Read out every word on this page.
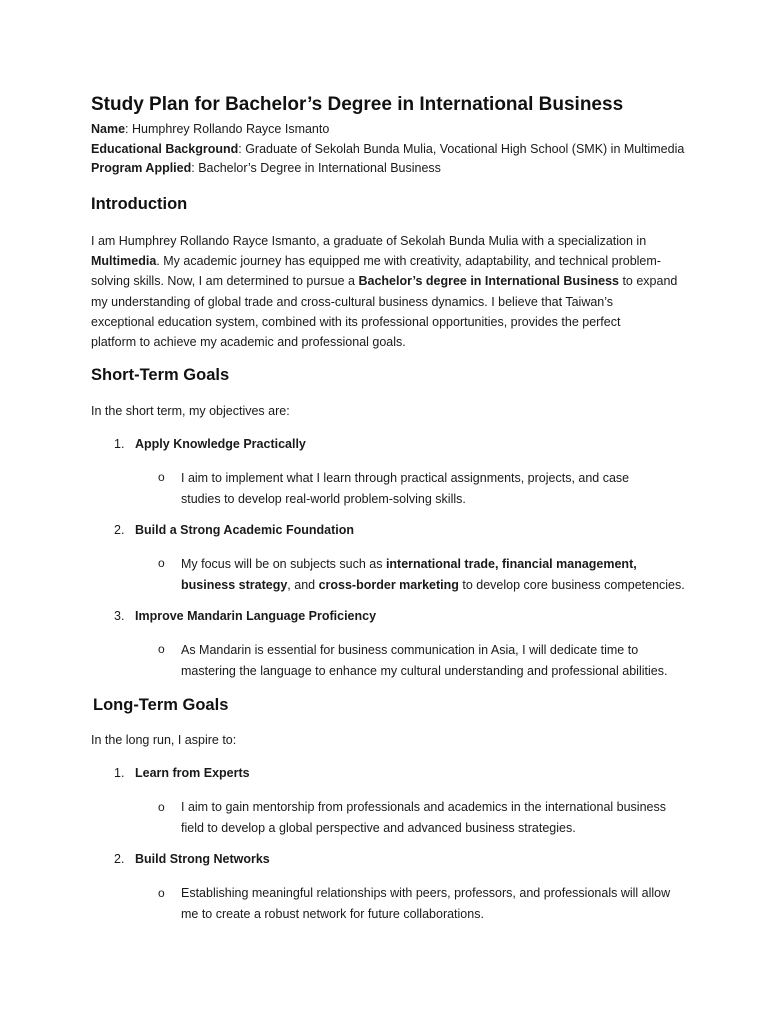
Study Plan for Bachelor’s Degree in International Business
Name: Humphrey Rollando Rayce Ismanto
Educational Background: Graduate of Sekolah Bunda Mulia, Vocational High School (SMK) in Multimedia
Program Applied: Bachelor’s Degree in International Business
Introduction
I am Humphrey Rollando Rayce Ismanto, a graduate of Sekolah Bunda Mulia with a specialization in
Multimedia. My academic journey has equipped me with creativity, adaptability, and technical problem-
solving skills. Now, I am determined to pursue a Bachelor’s degree in International Business to expand
my understanding of global trade and cross-cultural business dynamics. I believe that Taiwan’s
exceptional education system, combined with its professional opportunities, provides the perfect
platform to achieve my academic and professional goals.
Short-Term Goals
In the short term, my objectives are:
1. Apply Knowledge Practically
o I aim to implement what I learn through practical assignments, projects, and case
studies to develop real-world problem-solving skills.
2. Build a Strong Academic Foundation
o My focus will be on subjects such as international trade, financial management,
business strategy, and cross-border marketing to develop core business competencies.
3. Improve Mandarin Language Proficiency
o As Mandarin is essential for business communication in Asia, I will dedicate time to
mastering the language to enhance my cultural understanding and professional abilities.
Long-Term Goals
In the long run, I aspire to:
1. Learn from Experts
o I aim to gain mentorship from professionals and academics in the international business
field to develop a global perspective and advanced business strategies.
2. Build Strong Networks
o Establishing meaningful relationships with peers, professors, and professionals will allow
me to create a robust network for future collaborations.
